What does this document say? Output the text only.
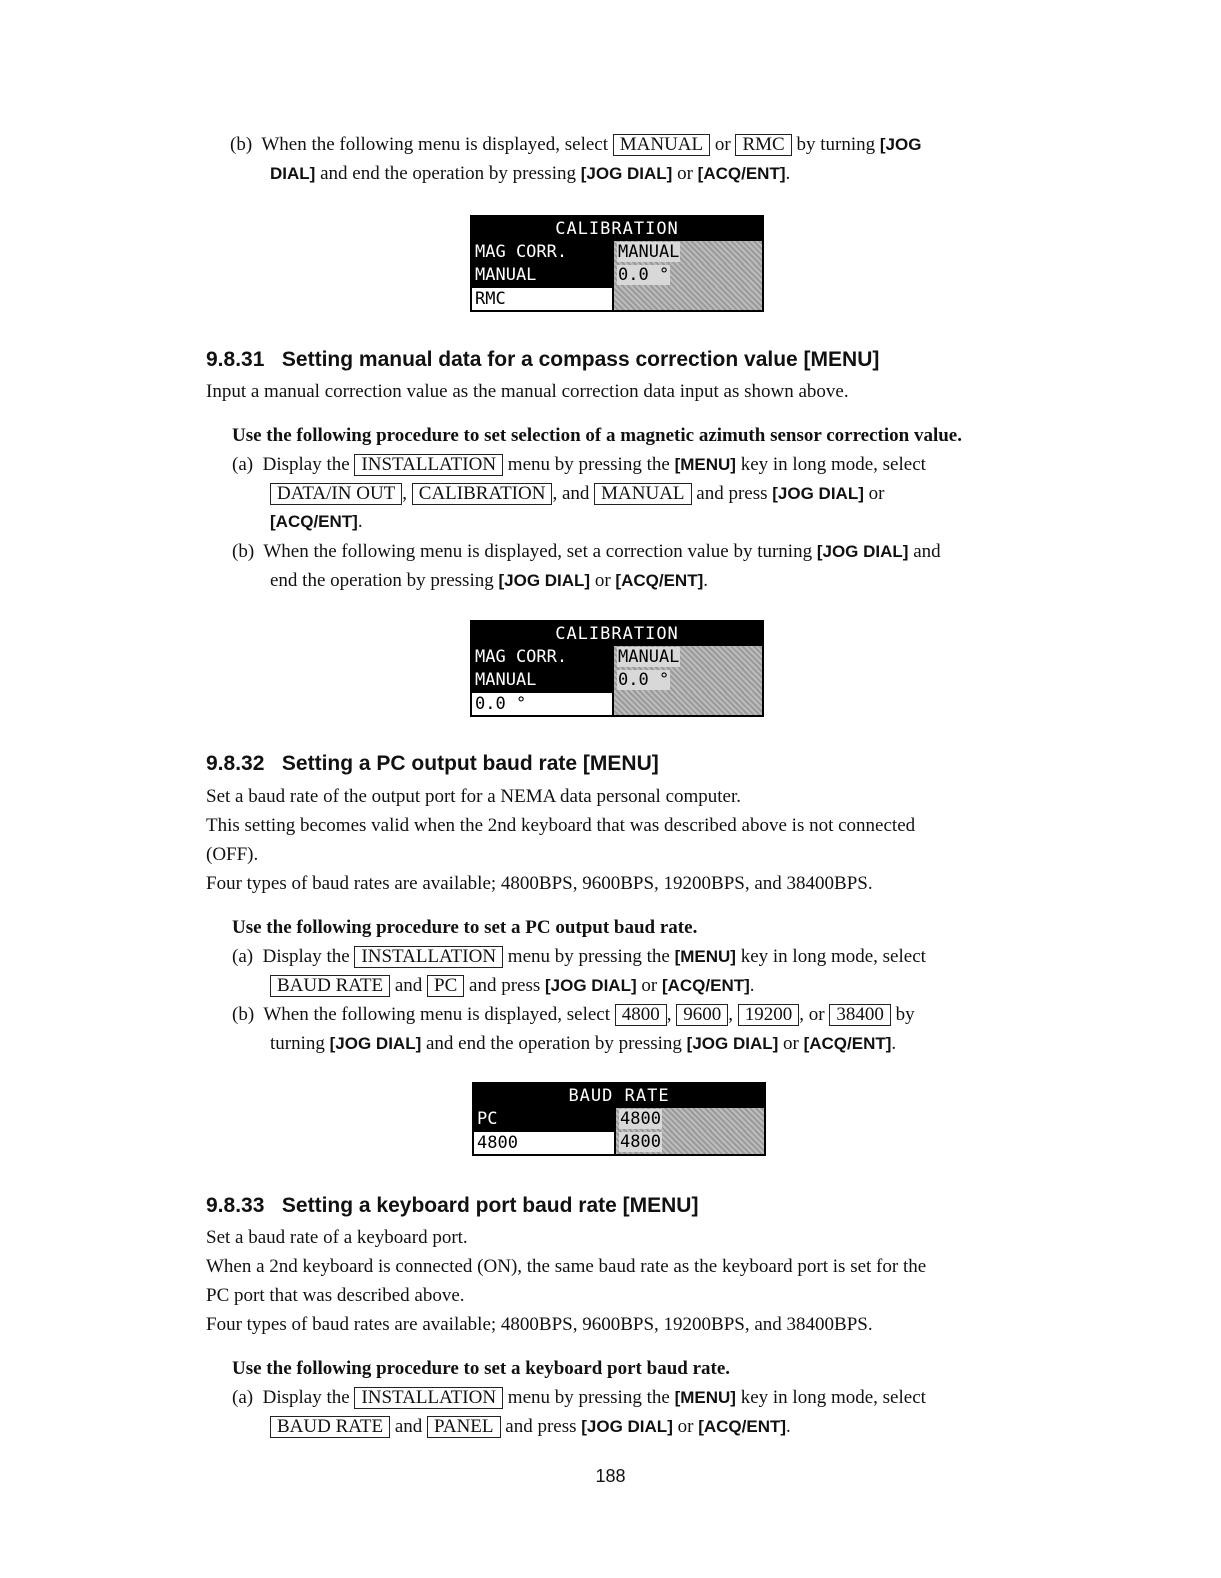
(b) When the following menu is displayed, select MANUAL or RMC by turning [JOG
DIAL] and end the operation by pressing [JOG DIAL] or [ACQ/ENT].
CALIBRATION
MAG CORR.	MANUAL
MANUAL	0.0 °
RMC
9.8.31 Setting manual data for a compass correction value [MENU]
Input a manual correction value as the manual correction data input as shown above.
Use the following procedure to set selection of a magnetic azimuth sensor correction value.
(a) Display the INSTALLATION menu by pressing the [MENU] key in long mode, select
DATA/IN OUT , CALIBRATION , and MANUAL and press [JOG DIAL] or
[ACQ/ENT].
(b) When the following menu is displayed, set a correction value by turning [JOG DIAL] and
end the operation by pressing [JOG DIAL] or [ACQ/ENT].
CALIBRATION
MAG CORR.	MANUAL
MANUAL	0.0 °
0.0 °
9.8.32 Setting a PC output baud rate [MENU]
Set a baud rate of the output port for a NEMA data personal computer.
This setting becomes valid when the 2nd keyboard that was described above is not connected
(OFF).
Four types of baud rates are available; 4800BPS, 9600BPS, 19200BPS, and 38400BPS.
Use the following procedure to set a PC output baud rate.
(a) Display the INSTALLATION menu by pressing the [MENU] key in long mode, select
BAUD RATE and PC and press [JOG DIAL] or [ACQ/ENT].
(b) When the following menu is displayed, select 4800 , 9600 , 19200 , or 38400 by
turning [JOG DIAL] and end the operation by pressing [JOG DIAL] or [ACQ/ENT].
BAUD RATE
PC	4800
4800	4800
9.8.33 Setting a keyboard port baud rate [MENU]
Set a baud rate of a keyboard port.
When a 2nd keyboard is connected (ON), the same baud rate as the keyboard port is set for the
PC port that was described above.
Four types of baud rates are available; 4800BPS, 9600BPS, 19200BPS, and 38400BPS.
Use the following procedure to set a keyboard port baud rate.
(a) Display the INSTALLATION menu by pressing the [MENU] key in long mode, select
BAUD RATE and PANEL and press [JOG DIAL] or [ACQ/ENT].
188
